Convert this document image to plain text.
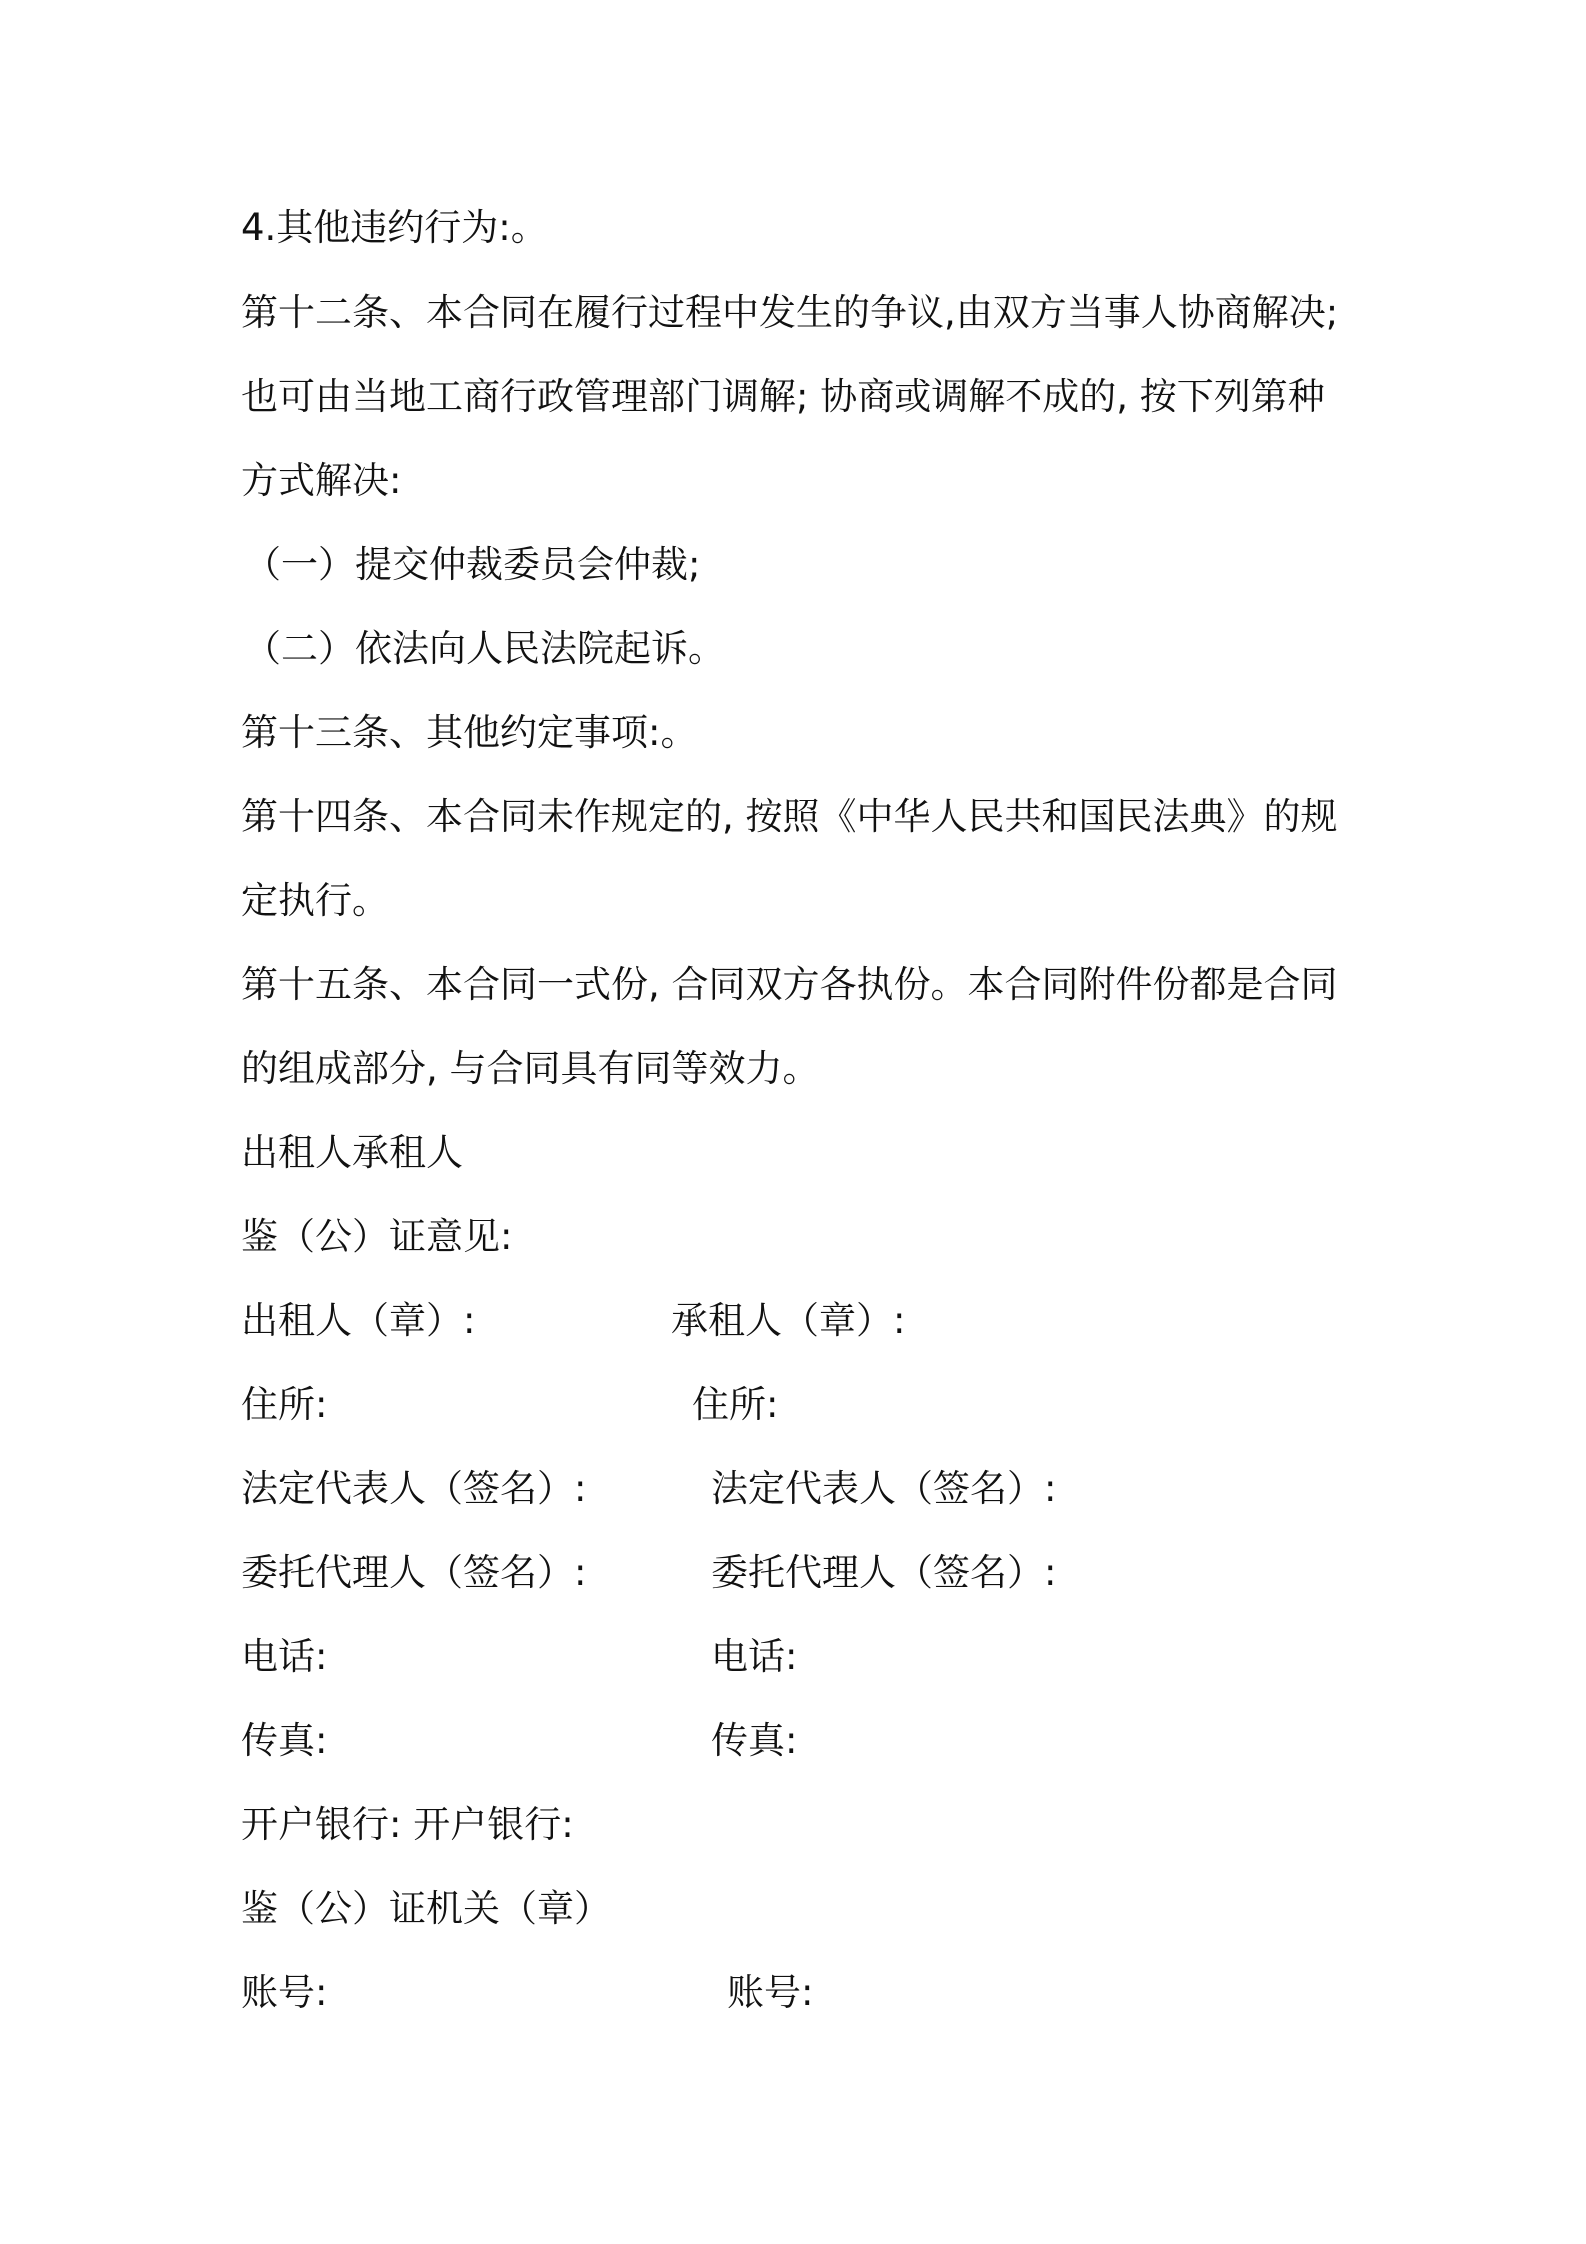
4.其他违约行为:。
第十二条、本合同在履行过程中发生的争议,由双方当事人协商解决;
也可由当地工商行政管理部门调解; 协商或调解不成的, 按下列第种
方式解决:
（一）提交仲裁委员会仲裁;
（二）依法向人民法院起诉。
第十三条、其他约定事项:。
第十四条、本合同未作规定的, 按照《中华人民共和国民法典》的规
定执行。
第十五条、本合同一式份, 合同双方各执份。本合同附件份都是合同
的组成部分, 与合同具有同等效力。
出租人承租人
鉴（公）证意见:
出租人（章）:	承租人（章）:
住所:	住所:
法定代表人（签名）:	法定代表人（签名）:
委托代理人（签名）:	委托代理人（签名）:
电话:	电话:
传真:	传真:
开户银行: 开户银行:
鉴（公）证机关（章）
账号:	账号:
